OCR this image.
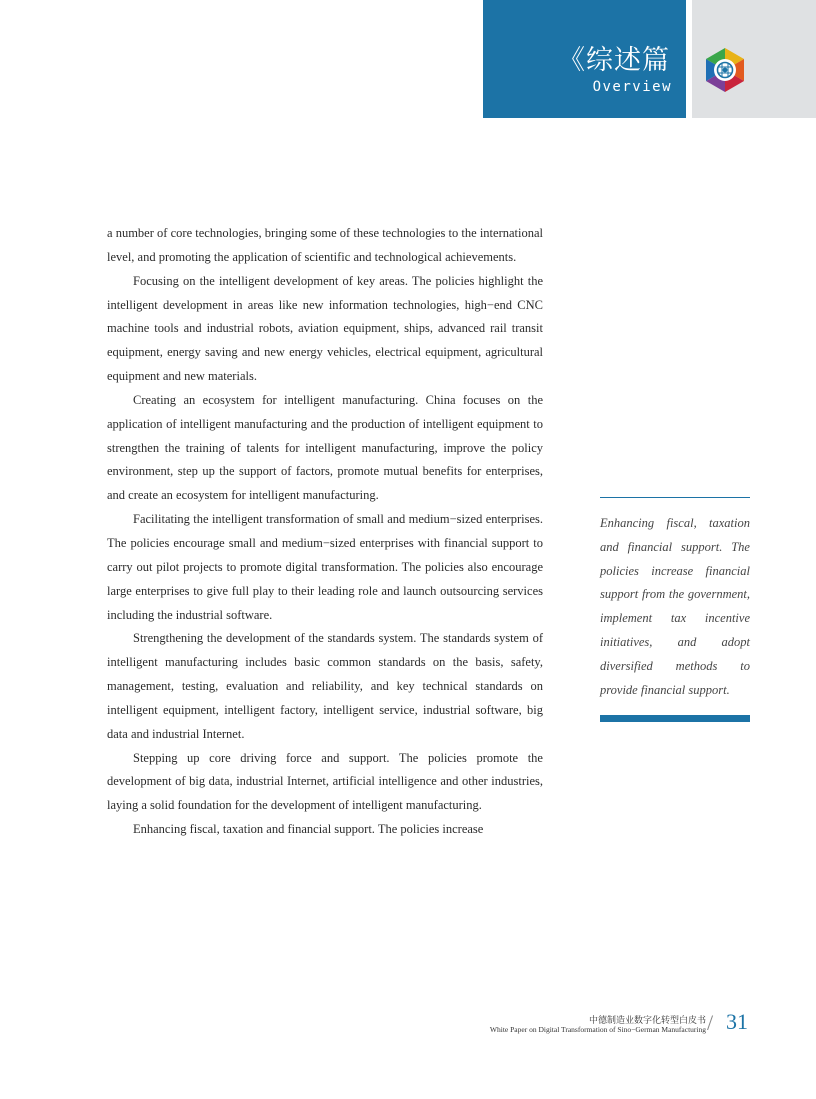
《综述篇
Overview

a number of core technologies, bringing some of these technologies to the international level, and promoting the application of scientific and technological achievements.

Focusing on the intelligent development of key areas. The policies highlight the intelligent development in areas like new information technologies, high−end CNC machine tools and industrial robots, aviation equipment, ships, advanced rail transit equipment, energy saving and new energy vehicles, electrical equipment, agricultural equipment and new materials.

Creating an ecosystem for intelligent manufacturing. China focuses on the application of intelligent manufacturing and the production of intelligent equipment to strengthen the training of talents for intelligent manufacturing, improve the policy environment, step up the support of factors, promote mutual benefits for enterprises, and create an ecosystem for intelligent manufacturing.

Facilitating the intelligent transformation of small and medium−sized enterprises. The policies encourage small and medium−sized enterprises with financial support to carry out pilot projects to promote digital transformation. The policies also encourage large enterprises to give full play to their leading role and launch outsourcing services including the industrial software.

Strengthening the development of the standards system. The standards system of intelligent manufacturing includes basic common standards on the basis, safety, management, testing, evaluation and reliability, and key technical standards on intelligent equipment, intelligent factory, intelligent service, industrial software, big data and industrial Internet.

Stepping up core driving force and support. The policies promote the development of big data, industrial Internet, artificial intelligence and other industries, laying a solid foundation for the development of intelligent manufacturing.

Enhancing fiscal, taxation and financial support. The policies increase

Enhancing fiscal, taxation and financial support. The policies increase financial support from the government, implement tax incentive initiatives, and adopt diversified methods to provide financial support.

中德制造业数字化转型白皮书
White Paper on Digital Transformation of Sino−German Manufacturing / 31
